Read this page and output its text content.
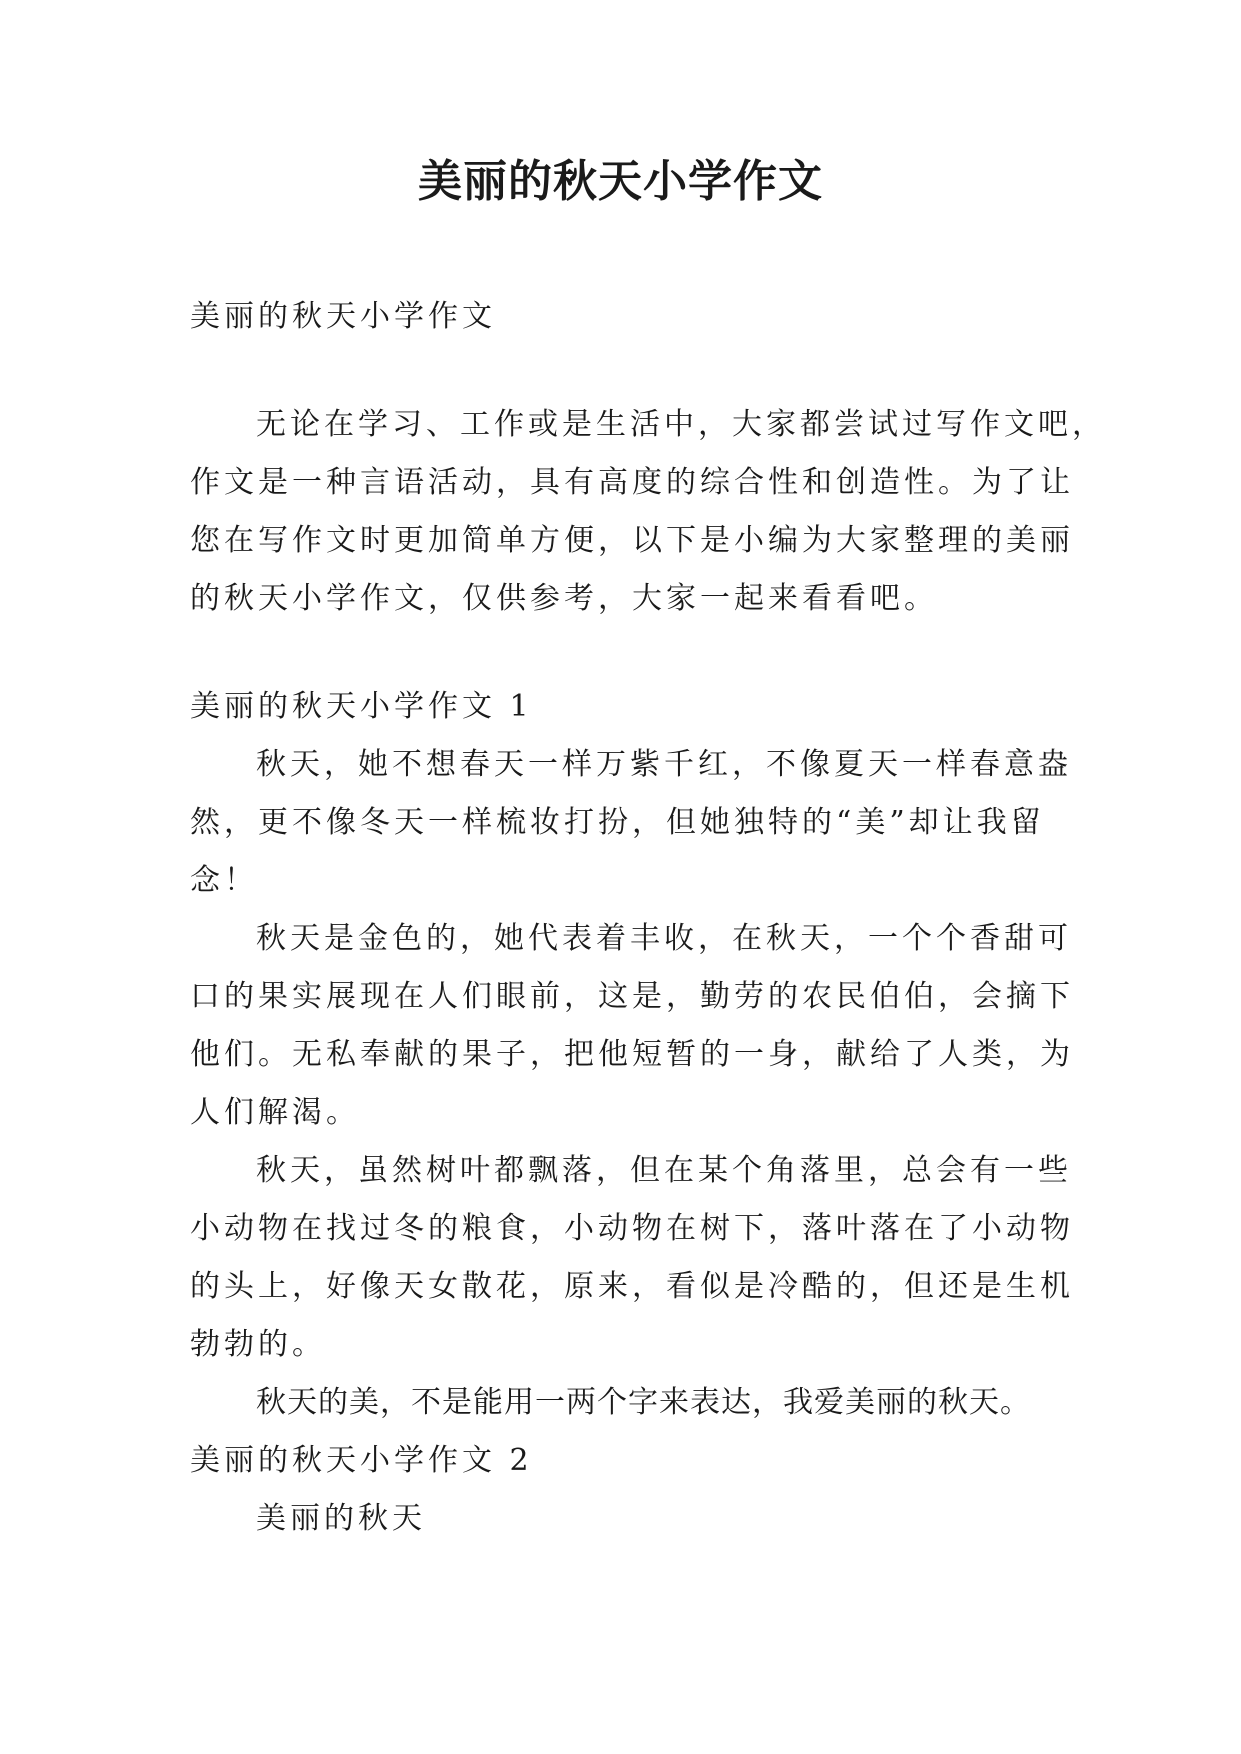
美丽的秋天小学作文
美丽的秋天小学作文
无论在学习、工作或是生活中，大家都尝试过写作文吧，
作文是一种言语活动，具有高度的综合性和创造性。为了让
您在写作文时更加简单方便，以下是小编为大家整理的美丽
的秋天小学作文，仅供参考，大家一起来看看吧。
美丽的秋天小学作文 1
秋天，她不想春天一样万紫千红，不像夏天一样春意盎
然，更不像冬天一样梳妆打扮，但她独特的“美”却让我留
念！
秋天是金色的，她代表着丰收，在秋天，一个个香甜可
口的果实展现在人们眼前，这是，勤劳的农民伯伯，会摘下
他们。无私奉献的果子，把他短暂的一身，献给了人类，为
人们解渴。
秋天，虽然树叶都飘落，但在某个角落里，总会有一些
小动物在找过冬的粮食，小动物在树下，落叶落在了小动物
的头上，好像天女散花，原来，看似是冷酷的，但还是生机
勃勃的。
秋天的美，不是能用一两个字来表达，我爱美丽的秋天。
美丽的秋天小学作文 2
美丽的秋天
